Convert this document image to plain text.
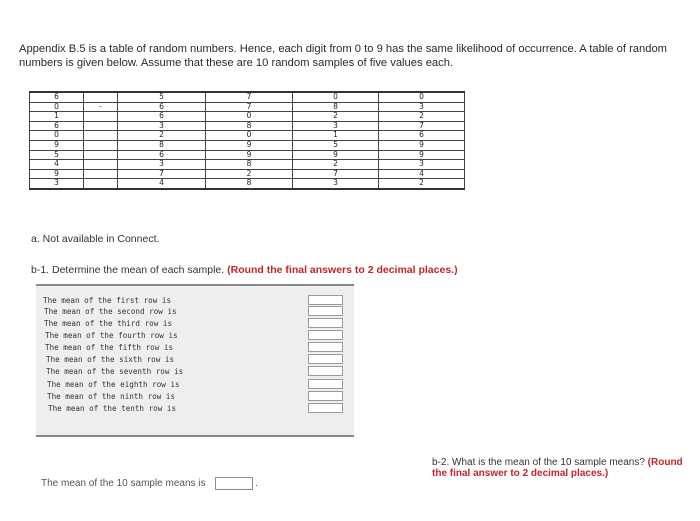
Appendix B.5 is a table of random numbers. Hence, each digit from 0 to 9 has the same likelihood of occurrence. A table of random

numbers is given below. Assume that these are 10 random samples of five values each.

6		5	7	0	0
0	-	6	7	8	3
1		6	0	2	2
6		3	8	3	7
0		2	0	1	6
9		8	9	5	9
5		6	9	9	9
4		3	8	2	3
9		7	2	7	4
3		4	8	3	2
a. Not available in Connect.
b-1. Determine the mean of each sample. (Round the final answers to 2 decimal places.)
The mean of the first row is
The mean of the second row is
The mean of the third row is
The mean of the fourth row is
The mean of the fifth row is
The mean of the sixth row is
The mean of the seventh row is
The mean of the eighth row is
The mean of the ninth row is
The mean of the tenth row is
b-2. What is the mean of the 10 sample means? (Round the final answer to 2 decimal places.)
The mean of the 10 sample means is	.
